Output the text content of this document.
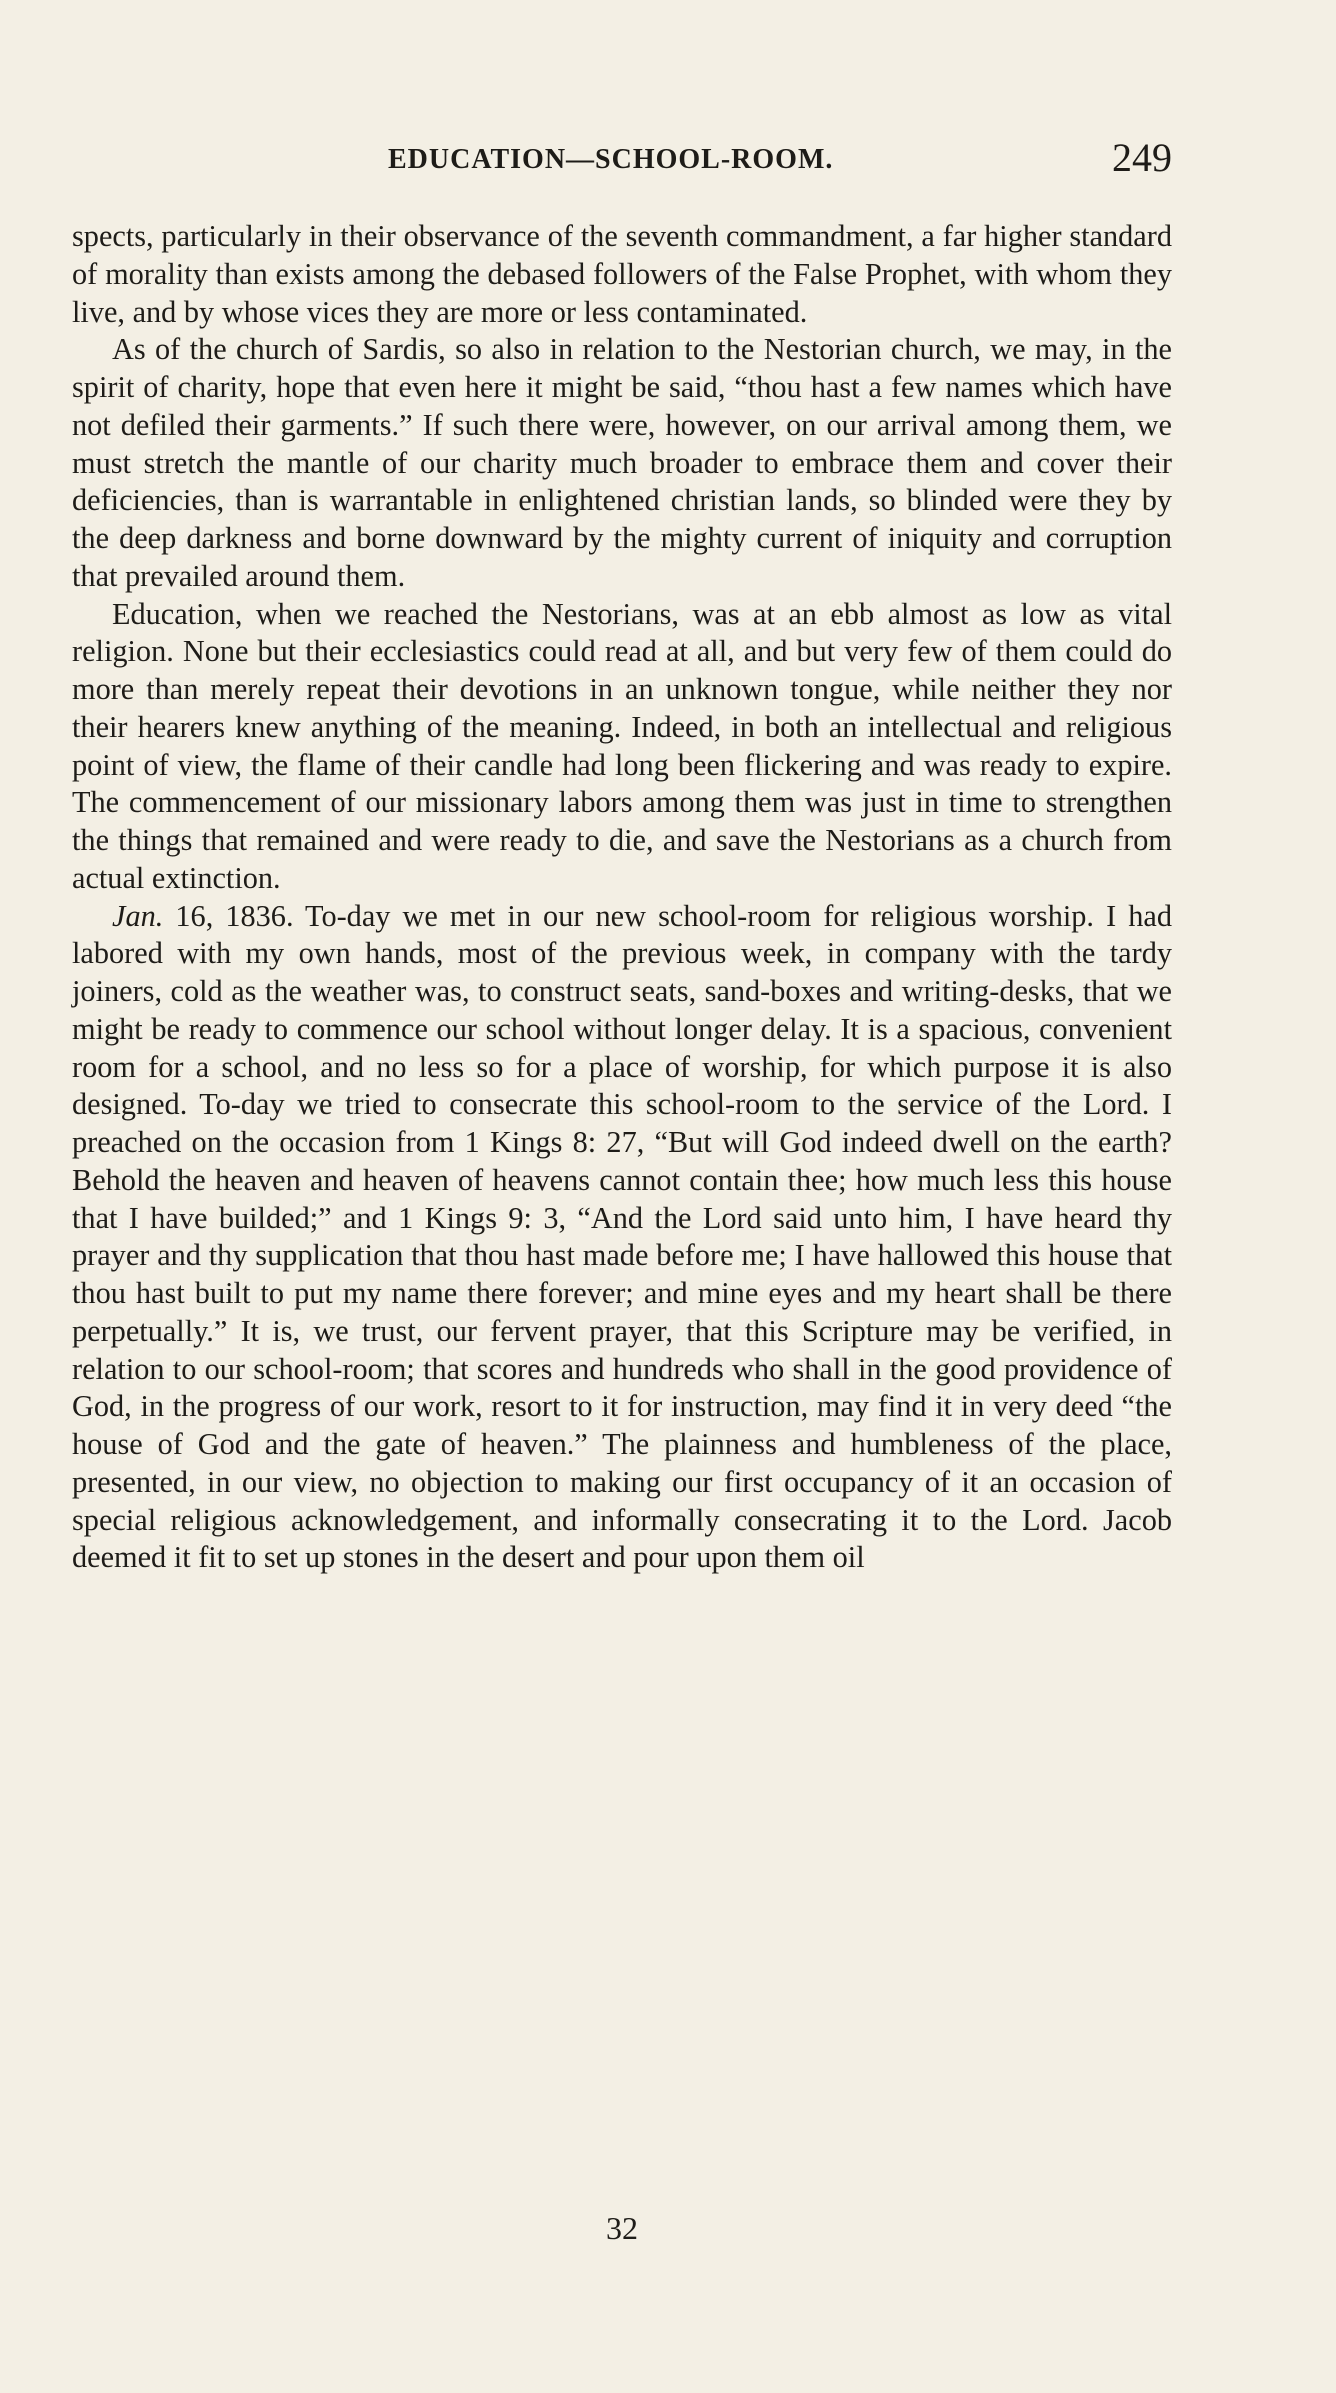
EDUCATION—SCHOOL-ROOM.	249

spects, particularly in their observance of the seventh commandment, a far higher standard of morality than exists among the debased followers of the False Prophet, with whom they live, and by whose vices they are more or less contaminated.

As of the church of Sardis, so also in relation to the Nestorian church, we may, in the spirit of charity, hope that even here it might be said, “thou hast a few names which have not defiled their garments.” If such there were, however, on our arrival among them, we must stretch the mantle of our charity much broader to embrace them and cover their deficiencies, than is warrantable in enlightened christian lands, so blinded were they by the deep darkness and borne downward by the mighty current of iniquity and corruption that prevailed around them.

Education, when we reached the Nestorians, was at an ebb almost as low as vital religion. None but their ecclesiastics could read at all, and but very few of them could do more than merely repeat their devotions in an unknown tongue, while neither they nor their hearers knew anything of the meaning. Indeed, in both an intellectual and religious point of view, the flame of their candle had long been flickering and was ready to expire. The commencement of our missionary labors among them was just in time to strengthen the things that remained and were ready to die, and save the Nestorians as a church from actual extinction.

Jan. 16, 1836. To-day we met in our new school-room for religious worship. I had labored with my own hands, most of the previous week, in company with the tardy joiners, cold as the weather was, to construct seats, sand-boxes and writing-desks, that we might be ready to commence our school without longer delay. It is a spacious, convenient room for a school, and no less so for a place of worship, for which purpose it is also designed. To-day we tried to consecrate this school-room to the service of the Lord. I preached on the occasion from 1 Kings 8: 27, “But will God indeed dwell on the earth? Behold the heaven and heaven of heavens cannot contain thee; how much less this house that I have builded;” and 1 Kings 9: 3, “And the Lord said unto him, I have heard thy prayer and thy supplication that thou hast made before me; I have hallowed this house that thou hast built to put my name there forever; and mine eyes and my heart shall be there perpetually.” It is, we trust, our fervent prayer, that this Scripture may be verified, in relation to our school-room; that scores and hundreds who shall in the good providence of God, in the progress of our work, resort to it for instruction, may find it in very deed “the house of God and the gate of heaven.” The plainness and humbleness of the place, presented, in our view, no objection to making our first occupancy of it an occasion of special religious acknowledgement, and informally consecrating it to the Lord. Jacob deemed it fit to set up stones in the desert and pour upon them oil

32
